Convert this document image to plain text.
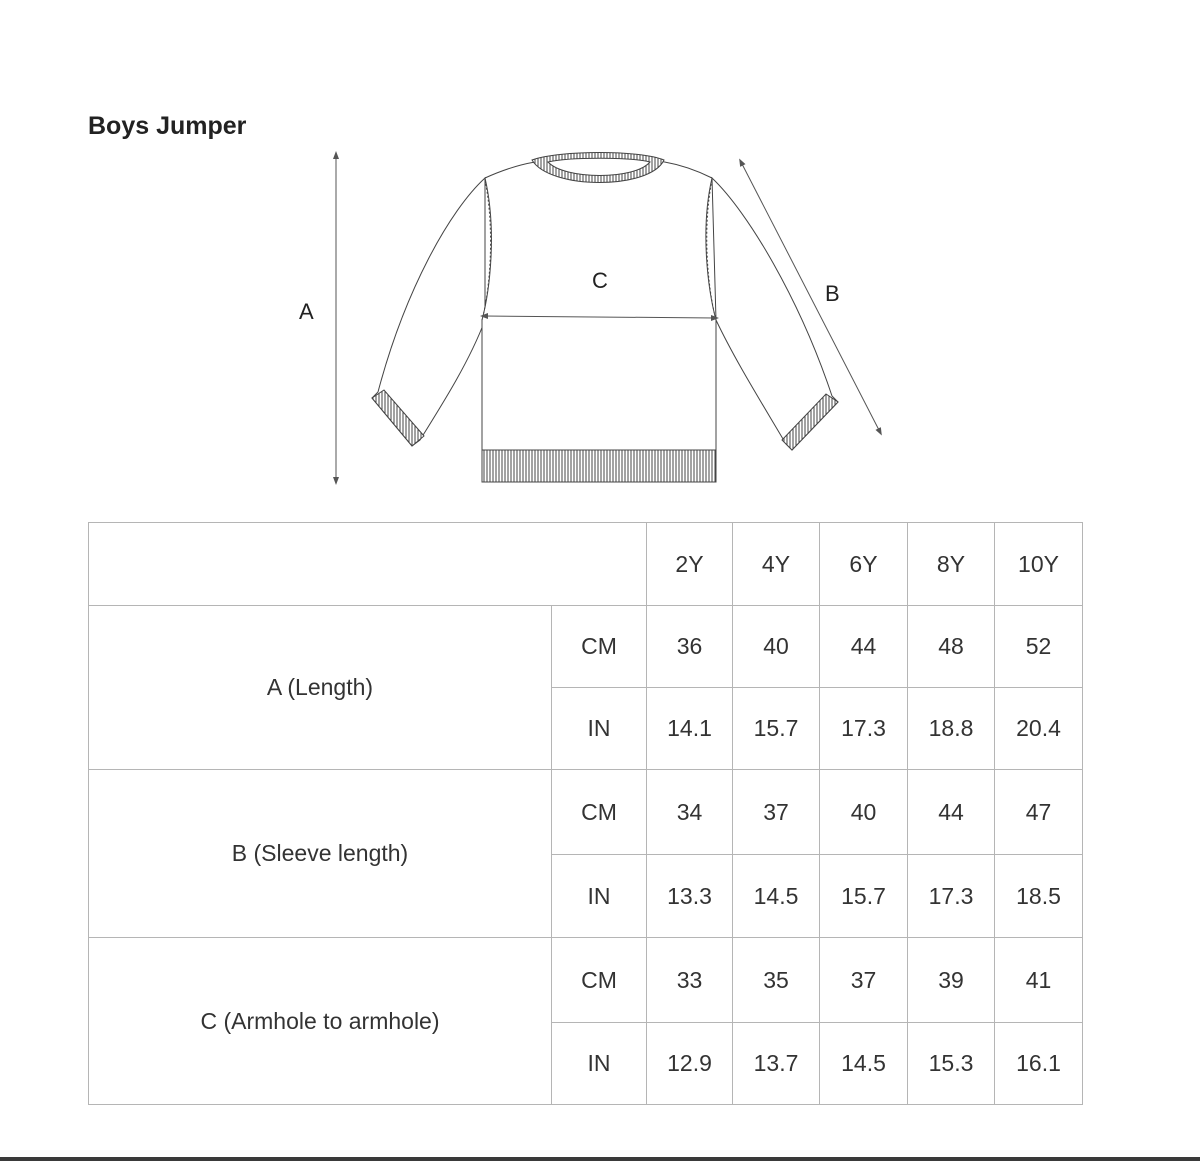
Boys Jumper
A
B
C
		2Y	4Y	6Y	8Y	10Y
A (Length)	CM	36	40	44	48	52
	IN	14.1	15.7	17.3	18.8	20.4
B (Sleeve length)	CM	34	37	40	44	47
	IN	13.3	14.5	15.7	17.3	18.5
C (Armhole to armhole)	CM	33	35	37	39	41
	IN	12.9	13.7	14.5	15.3	16.1
